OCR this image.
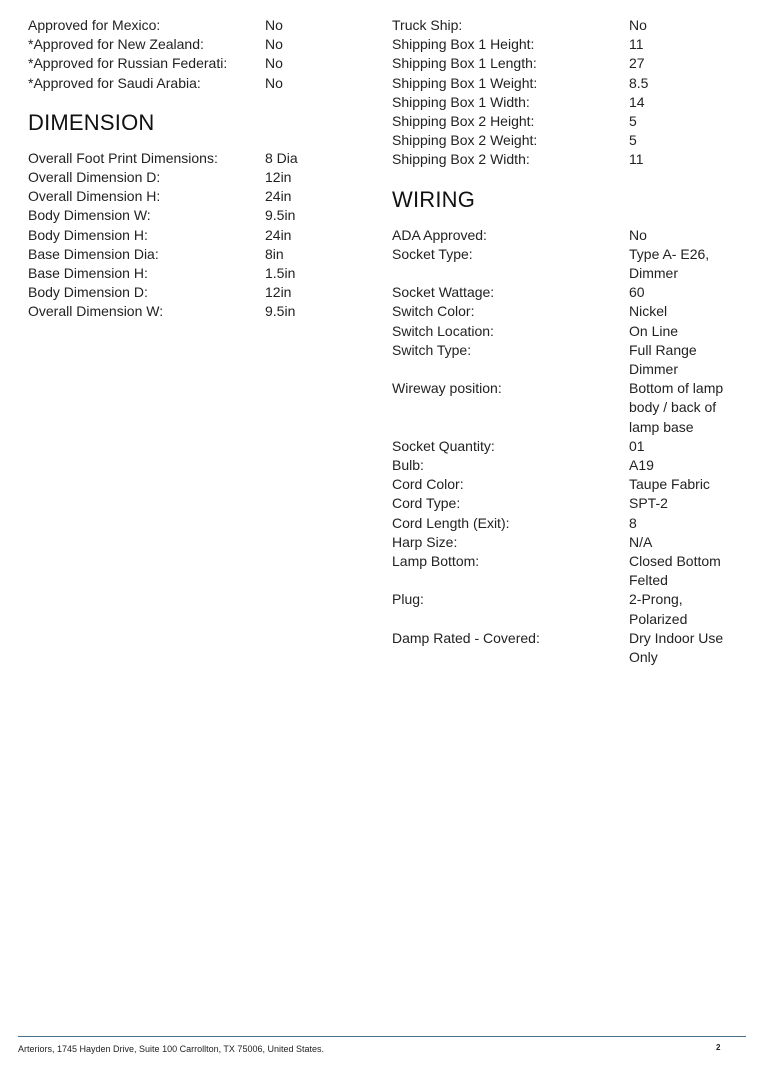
Approved for Mexico:	No
*Approved for New Zealand:	No
*Approved for Russian Federati:	No
*Approved for Saudi Arabia:	No
DIMENSION
Overall Foot Print Dimensions:	8 Dia
Overall Dimension D:	12in
Overall Dimension H:	24in
Body Dimension W:	9.5in
Body Dimension H:	24in
Base Dimension Dia:	8in
Base Dimension H:	1.5in
Body Dimension D:	12in
Overall Dimension W:	9.5in
Truck Ship:	No
Shipping Box 1 Height:	11
Shipping Box 1 Length:	27
Shipping Box 1 Weight:	8.5
Shipping Box 1 Width:	14
Shipping Box 2 Height:	5
Shipping Box 2 Weight:	5
Shipping Box 2 Width:	11
WIRING
ADA Approved:	No
Socket Type:	Type A- E26, Dimmer
Socket Wattage:	60
Switch Color:	Nickel
Switch Location:	On Line
Switch Type:	Full Range Dimmer
Wireway position:	Bottom of lamp body / back of lamp base
Socket Quantity:	01
Bulb:	A19
Cord Color:	Taupe Fabric
Cord Type:	SPT-2
Cord Length (Exit):	8
Harp Size:	N/A
Lamp Bottom:	Closed Bottom Felted
Plug:	2-Prong, Polarized
Damp Rated - Covered:	Dry Indoor Use Only
Arteriors, 1745 Hayden Drive, Suite 100 Carrollton, TX 75006, United States.	2
